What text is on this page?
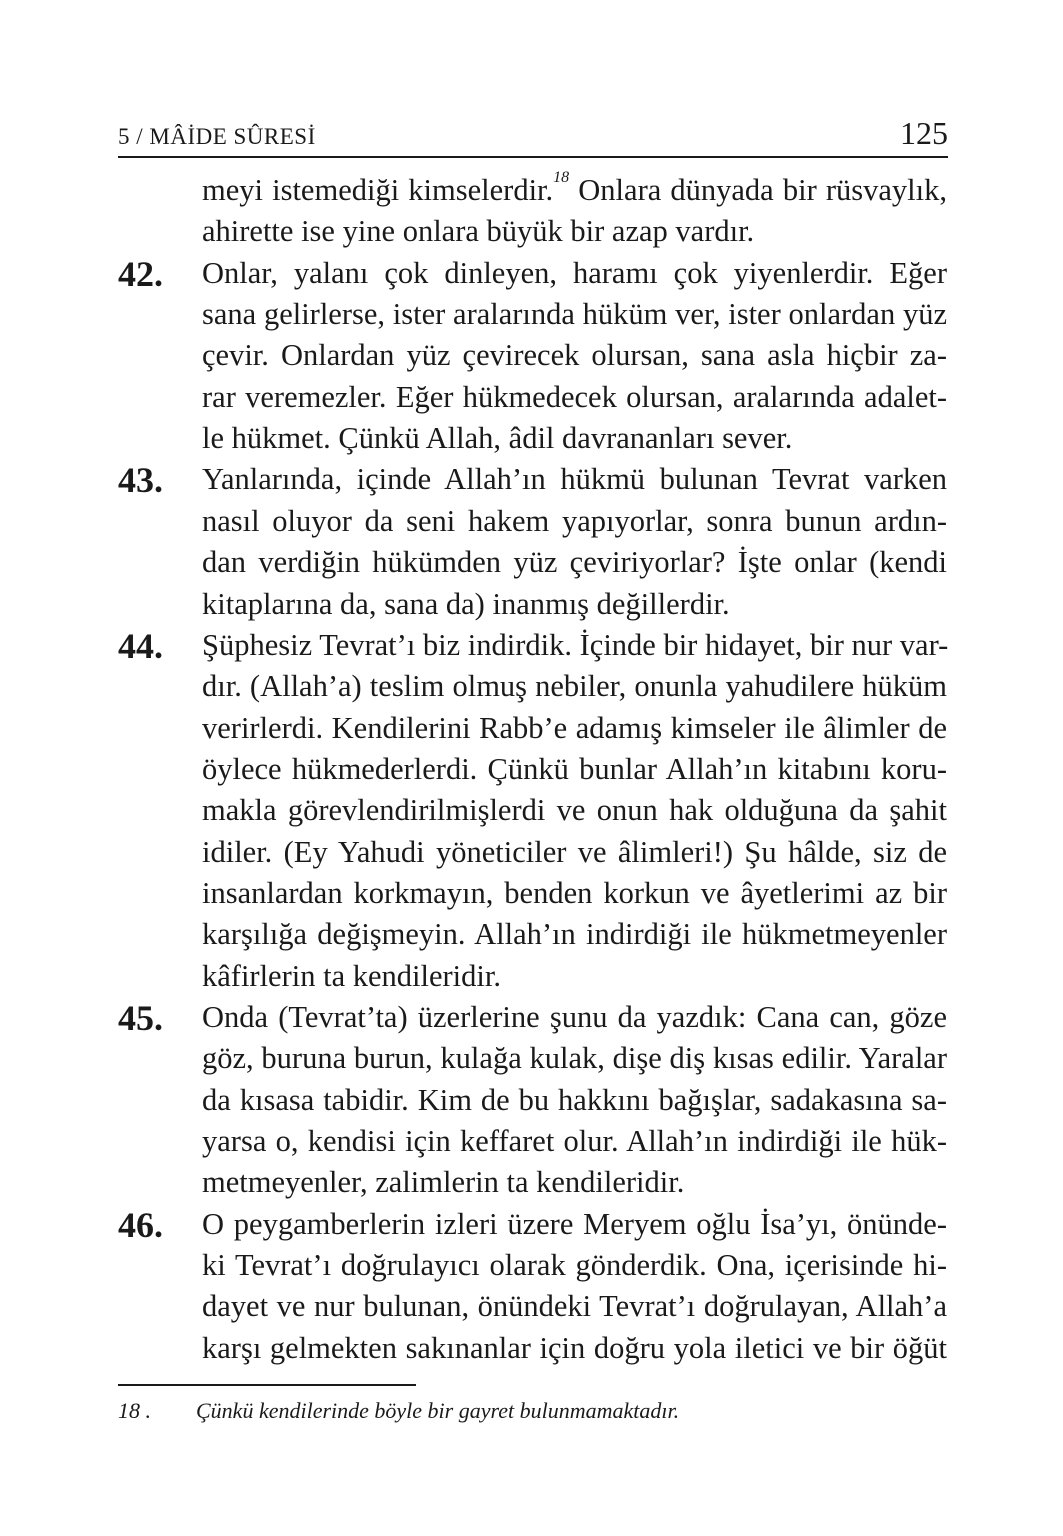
5 / MÂİDE SÛRESİ	125
meyi istemediği kimselerdir.$^{18}$ Onlara dünyada bir rüsvaylık,
ahirette ise yine onlara büyük bir azap vardır.
42.	Onlar, yalanı çok dinleyen, haramı çok yiyenlerdir. Eğer
sana gelirlerse, ister aralarında hüküm ver, ister onlardan yüz
çevir. Onlardan yüz çevirecek olursan, sana asla hiçbir za-
rar veremezler. Eğer hükmedecek olursan, aralarında adalet-
le hükmet. Çünkü Allah, âdil davrananları sever.
43.	Yanlarında, içinde Allah’ın hükmü bulunan Tevrat varken
nasıl oluyor da seni hakem yapıyorlar, sonra bunun ardın-
dan verdiğin hükümden yüz çeviriyorlar? İşte onlar (kendi
kitaplarına da, sana da) inanmış değillerdir.
44.	Şüphesiz Tevrat’ı biz indirdik. İçinde bir hidayet, bir nur var-
dır. (Allah’a) teslim olmuş nebiler, onunla yahudilere hüküm
verirlerdi. Kendilerini Rabb’e adamış kimseler ile âlimler de
öylece hükmederlerdi. Çünkü bunlar Allah’ın kitabını koru-
makla görevlendirilmişlerdi ve onun hak olduğuna da şahit
idiler. (Ey Yahudi yöneticiler ve âlimleri!) Şu hâlde, siz de
insanlardan korkmayın, benden korkun ve âyetlerimi az bir
karşılığa değişmeyin. Allah’ın indirdiği ile hükmetmeyenler
kâfirlerin ta kendileridir.
45.	Onda (Tevrat’ta) üzerlerine şunu da yazdık: Cana can, göze
göz, buruna burun, kulağa kulak, dişe diş kısas edilir. Yaralar
da kısasa tabidir. Kim de bu hakkını bağışlar, sadakasına sa-
yarsa o, kendisi için keffaret olur. Allah’ın indirdiği ile hük-
metmeyenler, zalimlerin ta kendileridir.
46.	O peygamberlerin izleri üzere Meryem oğlu İsa’yı, önünde-
ki Tevrat’ı doğrulayıcı olarak gönderdik. Ona, içerisinde hi-
dayet ve nur bulunan, önündeki Tevrat’ı doğrulayan, Allah’a
karşı gelmekten sakınanlar için doğru yola iletici ve bir öğüt
18 . Çünkü kendilerinde böyle bir gayret bulunmamaktadır.
